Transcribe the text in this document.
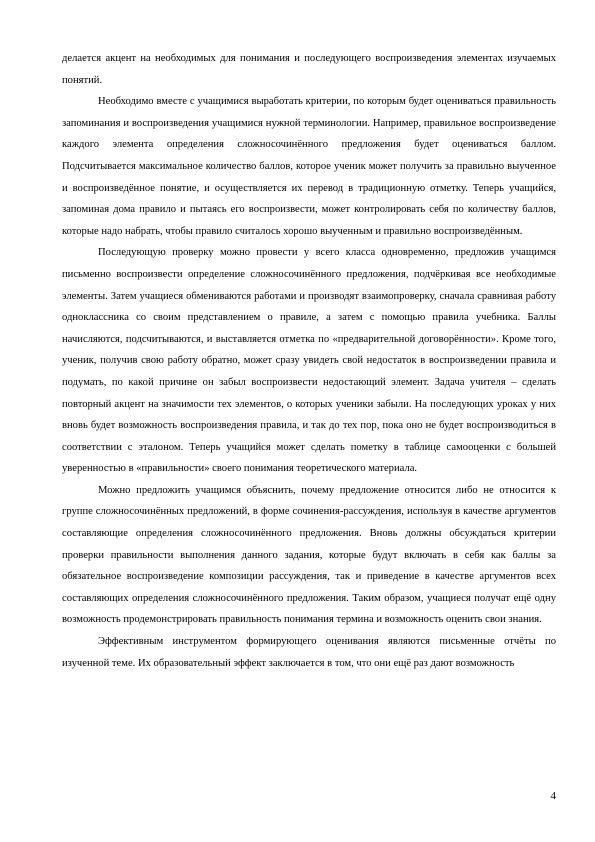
делается акцент на необходимых для понимания и последующего воспроизведения элементах изучаемых понятий.

Необходимо вместе с учащимися выработать критерии, по которым будет оцениваться правильность запоминания и воспроизведения учащимися нужной терминологии. Например, правильное воспроизведение каждого элемента определения сложносочинённого предложения будет оцениваться баллом. Подсчитывается максимальное количество баллов, которое ученик может получить за правильно выученное и воспроизведённое понятие, и осуществляется их перевод в традиционную отметку. Теперь учащийся, запоминая дома правило и пытаясь его воспроизвести, может контролировать себя по количеству баллов, которые надо набрать, чтобы правило считалось хорошо выученным и правильно воспроизведённым.

Последующую проверку можно провести у всего класса одновременно, предложив учащимся письменно воспроизвести определение сложносочинённого предложения, подчёркивая все необходимые элементы. Затем учащиеся обмениваются работами и производят взаимопроверку, сначала сравнивая работу одноклассника со своим представлением о правиле, а затем с помощью правила учебника. Баллы начисляются, подсчитываются, и выставляется отметка по «предварительной договорённости». Кроме того, ученик, получив свою работу обратно, может сразу увидеть свой недостаток в воспроизведении правила и подумать, по какой причине он забыл воспроизвести недостающий элемент. Задача учителя – сделать повторный акцент на значимости тех элементов, о которых ученики забыли. На последующих уроках у них вновь будет возможность воспроизведения правила, и так до тех пор, пока оно не будет воспроизводиться в соответствии с эталоном. Теперь учащийся может сделать пометку в таблице самооценки с большей уверенностью в «правильности» своего понимания теоретического материала.

Можно предложить учащимся объяснить, почему предложение относится либо не относится к группе сложносочинённых предложений, в форме сочинения-рассуждения, используя в качестве аргументов составляющие определения сложносочинённого предложения. Вновь должны обсуждаться критерии проверки правильности выполнения данного задания, которые будут включать в себя как баллы за обязательное воспроизведение композиции рассуждения, так и приведение в качестве аргументов всех составляющих определения сложносочинённого предложения. Таким образом, учащиеся получат ещё одну возможность продемонстрировать правильность понимания термина и возможность оценить свои знания.

Эффективным инструментом формирующего оценивания являются письменные отчёты по изученной теме. Их образовательный эффект заключается в том, что они ещё раз дают возможность

4
